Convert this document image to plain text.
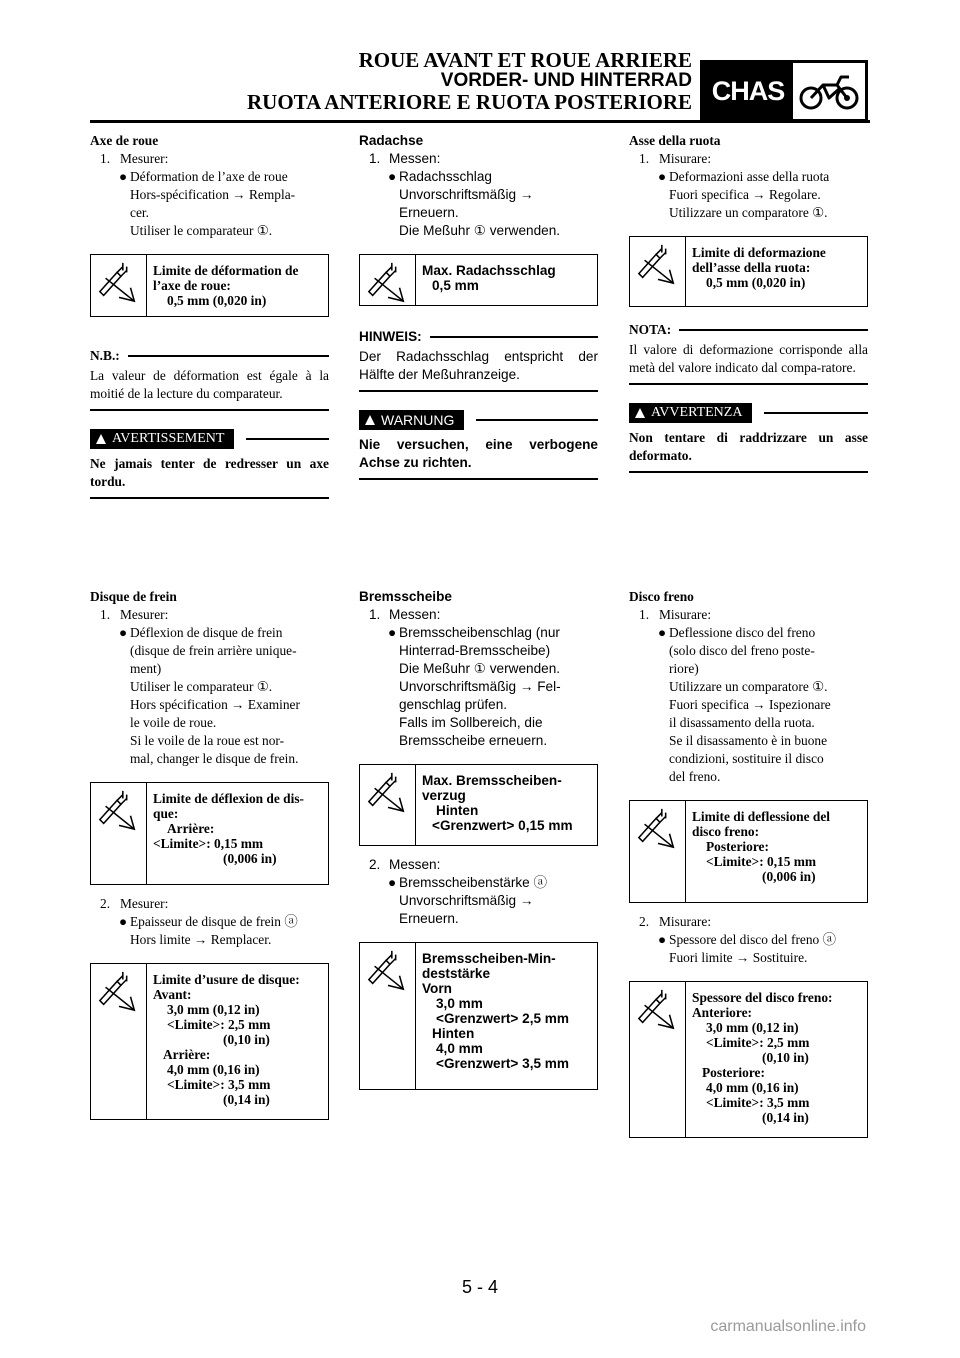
ROUE AVANT ET ROUE ARRIERE
VORDER- UND HINTERRAD
RUOTA ANTERIORE E RUOTA POSTERIORE CHAS
Axe de roue
1. Mesurer:
● Déformation de l’axe de roue
Hors-spécification → Rempla-
cer.
Utiliser le comparateur ①.
Limite de déformation de
l’axe de roue:
0,5 mm (0,020 in)
N.B.:
La valeur de déformation est égale à la moitié de la lecture du comparateur.
AVERTISSEMENT
Ne jamais tenter de redresser un axe tordu.
Radachse
1. Messen:
● Radachsschlag
Unvorschriftsmäßig →
Erneuern.
Die Meßuhr ① verwenden.
Max. Radachsschlag
0,5 mm
HINWEIS:
Der Radachsschlag entspricht der Hälfte der Meßuhranzeige.
WARNUNG
Nie versuchen, eine verbogene Achse zu richten.
Asse della ruota
1. Misurare:
● Deformazioni asse della ruota
Fuori specifica → Regolare.
Utilizzare un comparatore ①.
Limite di deformazione
dell’asse della ruota:
0,5 mm (0,020 in)
NOTA:
Il valore di deformazione corrisponde alla metà del valore indicato dal compa-ratore.
AVVERTENZA
Non tentare di raddrizzare un asse deformato.
Disque de frein
1. Mesurer:
● Déflexion de disque de frein
(disque de frein arrière unique-
ment)
Utiliser le comparateur ①.
Hors spécification → Examiner
le voile de roue.
Si le voile de la roue est nor-
mal, changer le disque de frein.
Limite de déflexion de dis-
que:
Arrière:
<Limite>: 0,15 mm
(0,006 in)
2. Mesurer:
● Epaisseur de disque de frein ⓐ
Hors limite → Remplacer.
Limite d’usure de disque:
Avant:
3,0 mm (0,12 in)
<Limite>: 2,5 mm
(0,10 in)
Arrière:
4,0 mm (0,16 in)
<Limite>: 3,5 mm
(0,14 in)
Bremsscheibe
1. Messen:
● Bremsscheibenschlag (nur
Hinterrad-Bremsscheibe)
Die Meßuhr ① verwenden.
Unvorschriftsmäßig → Fel-
genschlag prüfen.
Falls im Sollbereich, die
Bremsscheibe erneuern.
Max. Bremsscheiben-
verzug
Hinten
<Grenzwert> 0,15 mm
2. Messen:
● Bremsscheibenstärke ⓐ
Unvorschriftsmäßig →
Erneuern.
Bremsscheiben-Min-
deststärke
Vorn
3,0 mm
<Grenzwert> 2,5 mm
Hinten
4,0 mm
<Grenzwert> 3,5 mm
Disco freno
1. Misurare:
● Deflessione disco del freno
(solo disco del freno poste-
riore)
Utilizzare un comparatore ①.
Fuori specifica → Ispezionare
il disassamento della ruota.
Se il disassamento è in buone
condizioni, sostituire il disco
del freno.
Limite di deflessione del
disco freno:
Posteriore:
<Limite>: 0,15 mm
(0,006 in)
2. Misurare:
● Spessore del disco del freno ⓐ
Fuori limite → Sostituire.
Spessore del disco freno:
Anteriore:
3,0 mm (0,12 in)
<Limite>: 2,5 mm
(0,10 in)
Posteriore:
4,0 mm (0,16 in)
<Limite>: 3,5 mm
(0,14 in)
5 - 4
carmanualsonline.info
